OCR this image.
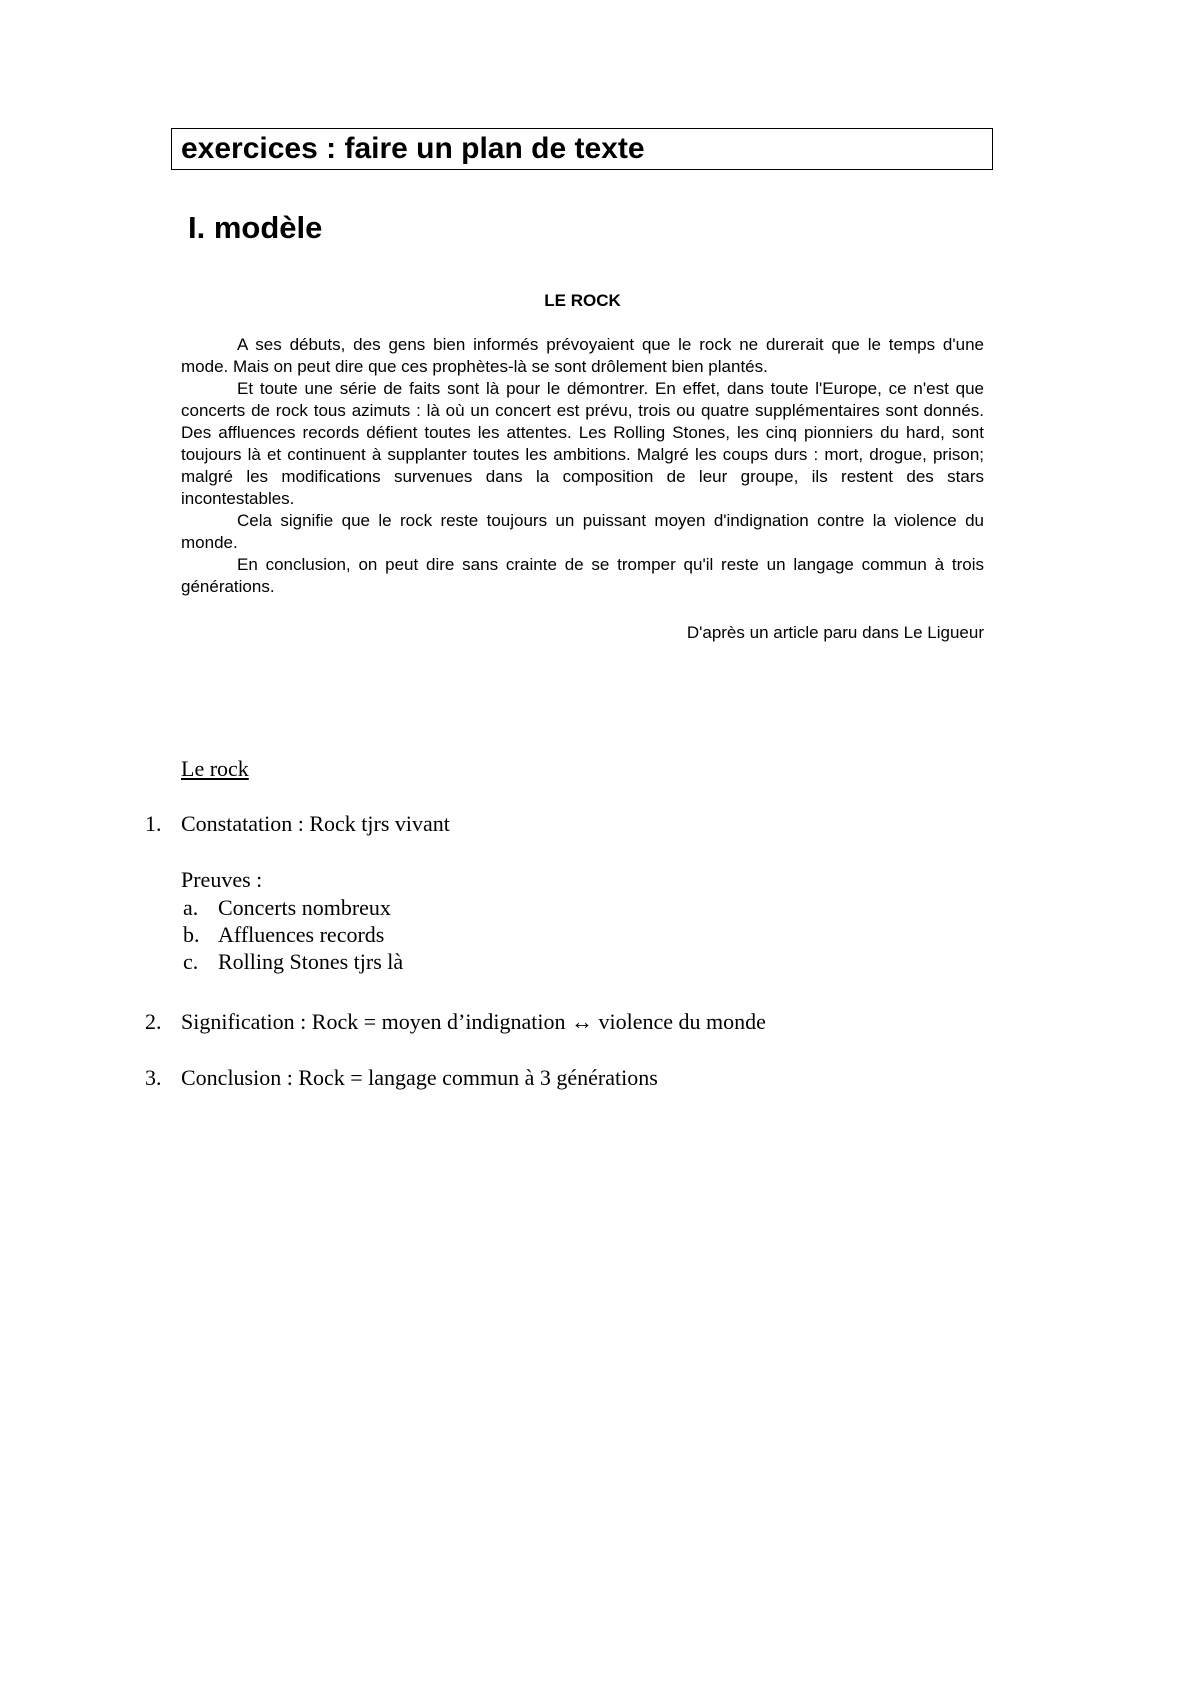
exercices : faire un plan de texte
I. modèle
LE ROCK

A ses débuts, des gens bien informés prévoyaient que le rock ne durerait que le temps d'une mode. Mais on peut dire que ces prophètes-là se sont drôlement bien plantés.

Et toute une série de faits sont là pour le démontrer. En effet, dans toute l'Europe, ce n'est que concerts de rock tous azimuts : là où un concert est prévu, trois ou quatre supplémentaires sont donnés. Des affluences records défient toutes les attentes. Les Rolling Stones, les cinq pionniers du hard, sont toujours là et continuent à supplanter toutes les ambitions. Malgré les coups durs : mort, drogue, prison; malgré les modifications survenues dans la composition de leur groupe, ils restent des stars incontestables.

Cela signifie que le rock reste toujours un puissant moyen d'indignation contre la violence du monde.

En conclusion, on peut dire sans crainte de se tromper qu'il reste un langage commun à trois générations.

D'après un article paru dans Le Ligueur
Le rock
1. Constatation : Rock tjrs vivant
Preuves :
a. Concerts nombreux
b. Affluences records
c. Rolling Stones tjrs là
2. Signification : Rock = moyen d’indignation ↔ violence du monde
3. Conclusion : Rock = langage commun à 3 générations
